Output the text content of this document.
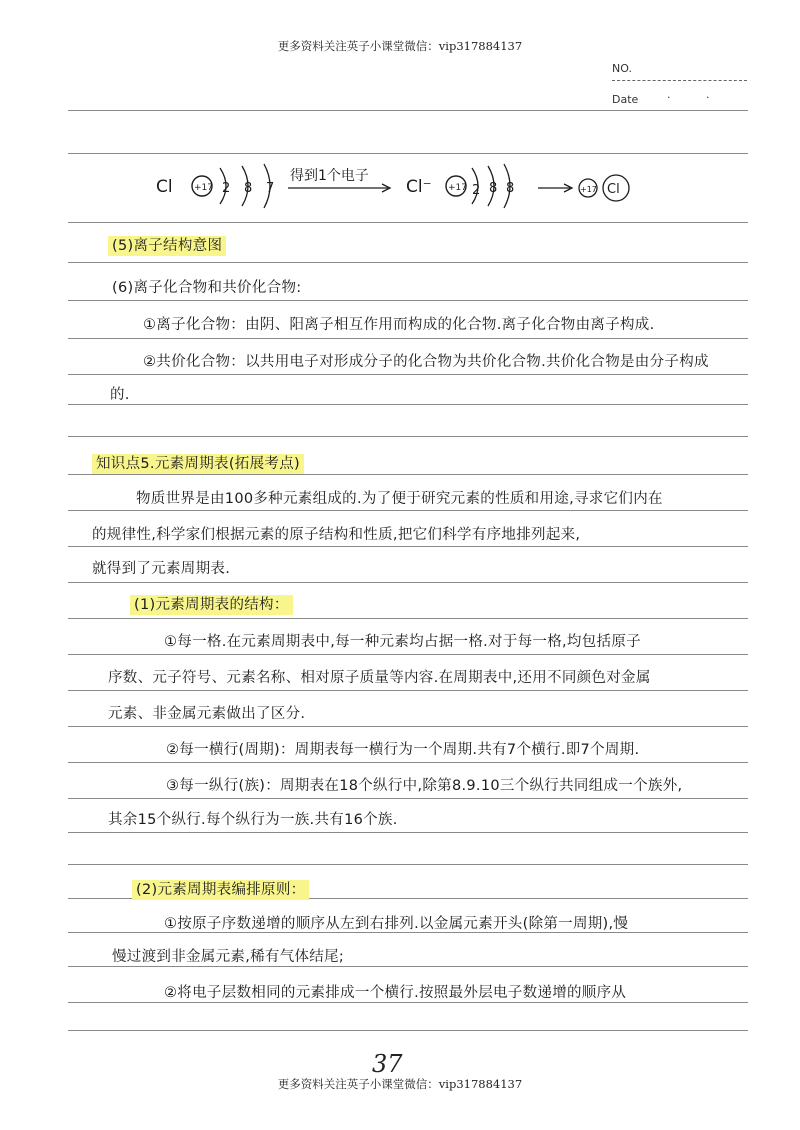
更多资料关注英子小课堂微信：vip317884137
NO.
Date	· ·
Cl +17 2 8 7
得到1个电子
Cl⁻ +17 2 8 8	+17 Cl
(5)离子结构意图
(6)离子化合物和共价化合物:
①离子化合物：由阴、阳离子相互作用而构成的化合物.离子化合物由离子构成.
②共价化合物：以共用电子对形成分子的化合物为共价化合物.共价化合物是由分子构成
的.
知识点5.元素周期表(拓展考点)
物质世界是由100多种元素组成的.为了便于研究元素的性质和用途,寻求它们内在
的规律性,科学家们根据元素的原子结构和性质,把它们科学有序地排列起来,
就得到了元素周期表.
(1)元素周期表的结构：
①每一格.在元素周期表中,每一种元素均占据一格.对于每一格,均包括原子
序数、元子符号、元素名称、相对原子质量等内容.在周期表中,还用不同颜色对金属
元素、非金属元素做出了区分.
②每一横行(周期)：周期表每一横行为一个周期.共有7个横行.即7个周期.
③每一纵行(族)：周期表在18个纵行中,除第8.9.10三个纵行共同组成一个族外,
其余15个纵行.每个纵行为一族.共有16个族.
(2)元素周期表编排原则：
①按原子序数递增的顺序从左到右排列.以金属元素开头(除第一周期),慢
慢过渡到非金属元素,稀有气体结尾;
②将电子层数相同的元素排成一个横行.按照最外层电子数递增的顺序从
37
更多资料关注英子小课堂微信：vip317884137
